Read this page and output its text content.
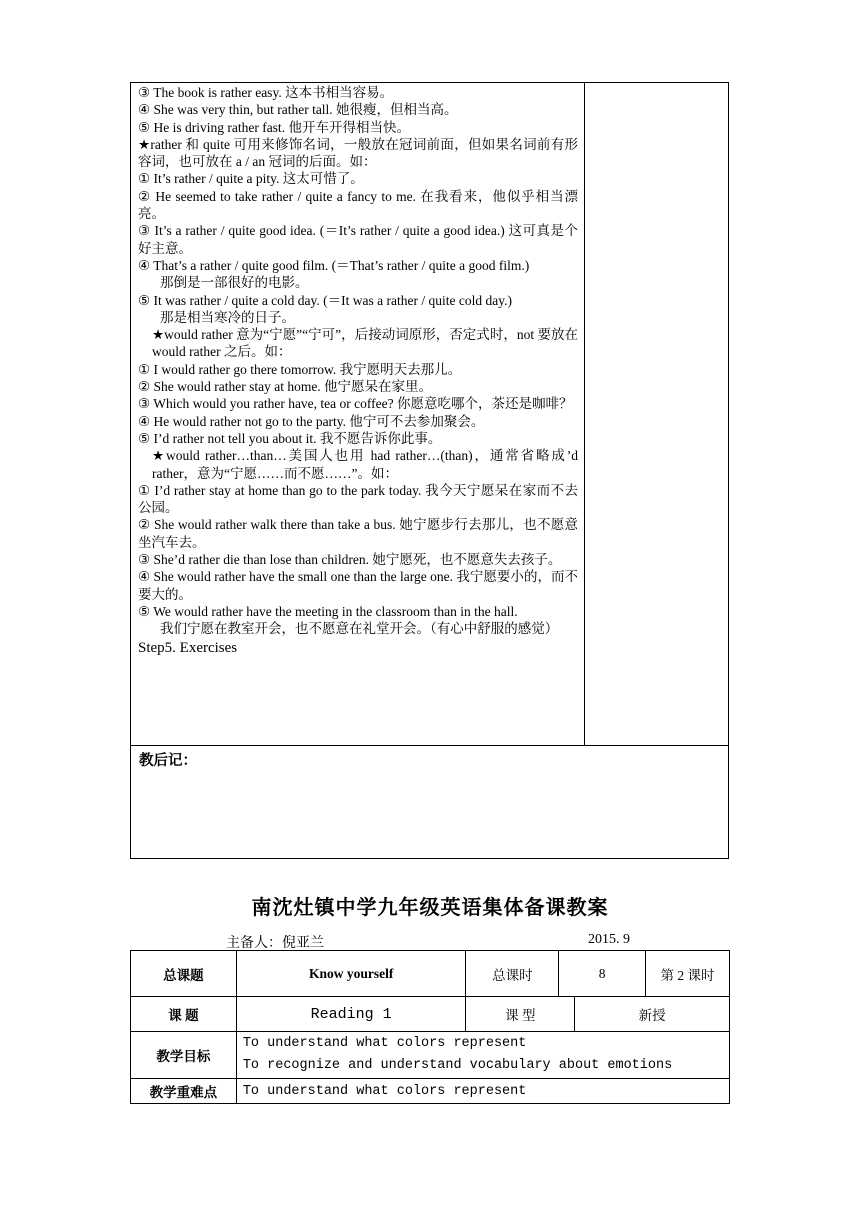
③ The book is rather easy. 这本书相当容易。
④ She was very thin, but rather tall. 她很瘦，但相当高。
⑤ He is driving rather fast. 他开车开得相当快。
★rather 和 quite 可用来修饰名词，一般放在冠词前面，但如果名词前有形容词，也可放在 a / an 冠词的后面。如：
① It’s rather / quite a pity. 这太可惜了。
② He seemed to take rather / quite a fancy to me. 在我看来，他似乎相当漂亮。
③ It’s a rather / quite good idea. (＝It’s rather / quite a good idea.) 这可真是个好主意。
④ That’s a rather / quite good film. (＝That’s rather / quite a good film.)
那倒是一部很好的电影。
⑤ It was rather / quite a cold day. (＝It was a rather / quite cold day.)
那是相当寒冷的日子。
★would rather 意为“宁愿”“宁可”，后接动词原形，否定式时，not 要放在 would rather 之后。如：
① I would rather go there tomorrow. 我宁愿明天去那儿。
② She would rather stay at home. 他宁愿呆在家里。
③ Which would you rather have, tea or coffee? 你愿意吃哪个，茶还是咖啡？
④ He would rather not go to the party. 他宁可不去参加聚会。
⑤ I’d rather not tell you about it. 我不愿告诉你此事。
★would rather…than…美国人也用 had rather…(than)，通常省略成’d rather，意为“宁愿……而不愿……”。如：
① I’d rather stay at home than go to the park today. 我今天宁愿呆在家而不去公园。
② She would rather walk there than take a bus. 她宁愿步行去那儿，也不愿意坐汽车去。
③ She’d rather die than lose than children. 她宁愿死，也不愿意失去孩子。
④ She would rather have the small one than the large one. 我宁愿要小的，而不要大的。
⑤ We would rather have the meeting in the classroom than in the hall.
我们宁愿在教室开会，也不愿意在礼堂开会。（有心中舒服的感觉）
Step5. Exercises
教后记：
南沈灶镇中学九年级英语集体备课教案
主备人：倪亚兰	2015. 9
总课题	Know yourself	总课时	8		第 2 课时
课 题	Reading 1	课 型		新授	
教学目标	To understand what colors represent
To recognize and understand vocabulary about emotions				

教学重难点	To understand what colors represent				
